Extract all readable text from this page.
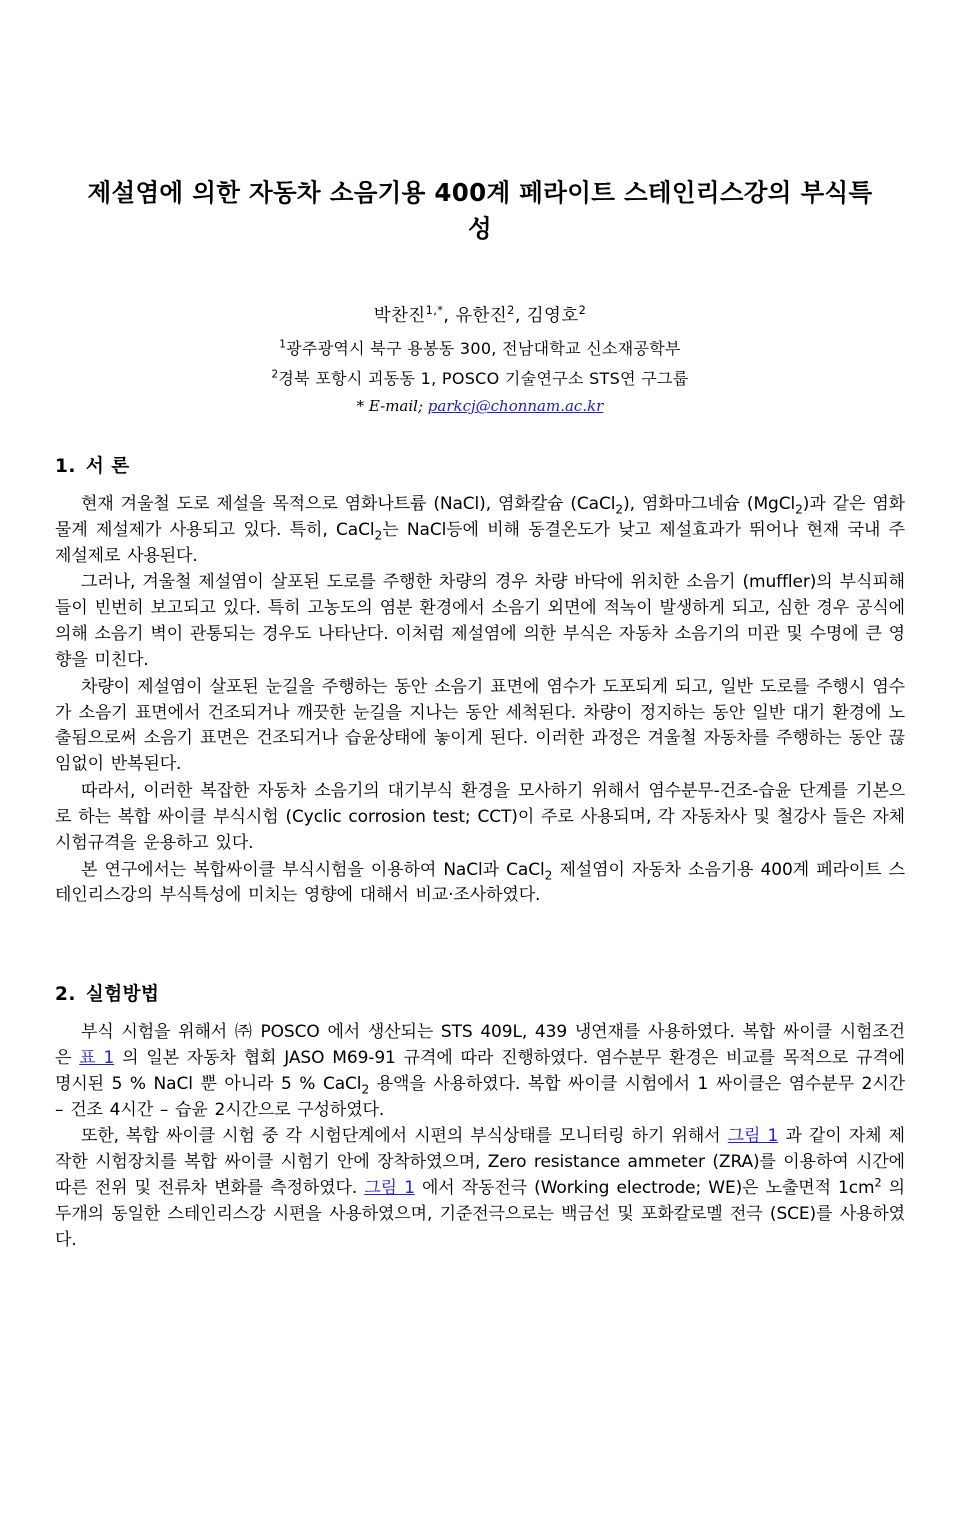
제설염에 의한 자동차 소음기용 400계 페라이트 스테인리스강의 부식특성
박찬진$^{1,*}$, 유한진$^2$, 김영호$^2$
$^1$광주광역시 북구 용봉동 300, 전남대학교 신소재공학부
$^2$경북 포항시 괴동동 1, POSCO 기술연구소 STS연 구그룹
* E-mail; parkcj@chonnam.ac.kr
1. 서 론

현재 겨울철 도로 제설을 목적으로 염화나트륨 (NaCl), 염화칼슘 (CaCl$_2$), 염화마그네슘 (MgCl$_2$)과 같은 염화물계 제설제가 사용되고 있다. 특히, CaCl$_2$는 NaCl등에 비해 동결온도가 낮고 제설효과가 뛰어나 현재 국내 주 제설제로 사용된다.

그러나, 겨울철 제설염이 살포된 도로를 주행한 차량의 경우 차량 바닥에 위치한 소음기 (muffler)의 부식피해들이 빈번히 보고되고 있다. 특히 고농도의 염분 환경에서 소음기 외면에 적녹이 발생하게 되고, 심한 경우 공식에 의해 소음기 벽이 관통되는 경우도 나타난다. 이처럼 제설염에 의한 부식은 자동차 소음기의 미관 및 수명에 큰 영향을 미친다.

차량이 제설염이 살포된 눈길을 주행하는 동안 소음기 표면에 염수가 도포되게 되고, 일반 도로를 주행시 염수가 소음기 표면에서 건조되거나 깨끗한 눈길을 지나는 동안 세척된다. 차량이 정지하는 동안 일반 대기 환경에 노출됨으로써 소음기 표면은 건조되거나 습윤상태에 놓이게 된다. 이러한 과정은 겨울철 자동차를 주행하는 동안 끊임없이 반복된다.

따라서, 이러한 복잡한 자동차 소음기의 대기부식 환경을 모사하기 위해서 염수분무-건조-습윤 단계를 기본으로 하는 복합 싸이클 부식시험 (Cyclic corrosion test; CCT)이 주로 사용되며, 각 자동차사 및 철강사 들은 자체 시험규격을 운용하고 있다.

본 연구에서는 복합싸이클 부식시험을 이용하여 NaCl과 CaCl$_2$ 제설염이 자동차 소음기용 400계 페라이트 스테인리스강의 부식특성에 미치는 영향에 대해서 비교·조사하였다.

2. 실험방법

부식 시험을 위해서 ㈜ POSCO 에서 생산되는 STS 409L, 439 냉연재를 사용하였다. 복합 싸이클 시험조건은 표 1 의 일본 자동차 협회 JASO M69-91 규격에 따라 진행하였다. 염수분무 환경은 비교를 목적으로 규격에 명시된 5 % NaCl 뿐 아니라 5 % CaCl$_2$ 용액을 사용하였다. 복합 싸이클 시험에서 1 싸이클은 염수분무 2시간 – 건조 4시간 – 습윤 2시간으로 구성하였다.

또한, 복합 싸이클 시험 중 각 시험단계에서 시편의 부식상태를 모니터링 하기 위해서 그림 1 과 같이 자체 제작한 시험장치를 복합 싸이클 시험기 안에 장착하였으며, Zero resistance ammeter (ZRA)를 이용하여 시간에 따른 전위 및 전류차 변화를 측정하였다. 그림 1 에서 작동전극 (Working electrode; WE)은 노출면적 $1cm^2$ 의 두개의 동일한 스테인리스강 시편을 사용하였으며, 기준전극으로는 백금선 및 포화칼로멜 전극 (SCE)를 사용하였다.
